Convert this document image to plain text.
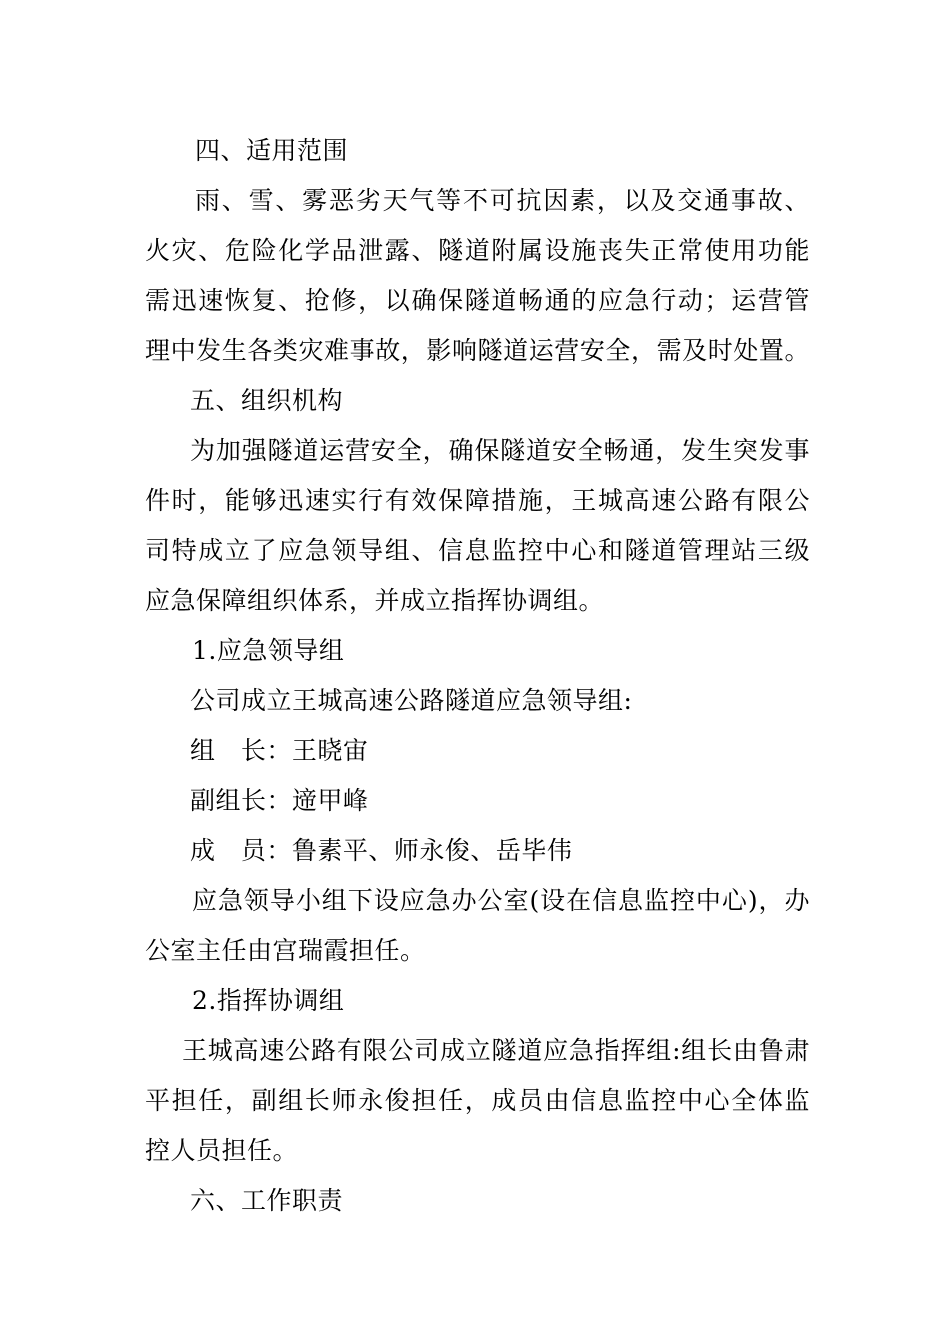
四、适用范围
雨、雪、雾恶劣天气等不可抗因素，以及交通事故、
火灾、危险化学品泄露、隧道附属设施丧失正常使用功能
需迅速恢复、抢修，以确保隧道畅通的应急行动；运营管
理中发生各类灾难事故，影响隧道运营安全，需及时处置。
五、组织机构
为加强隧道运营安全，确保隧道安全畅通，发生突发事
件时，能够迅速实行有效保障措施，王城高速公路有限公
司特成立了应急领导组、信息监控中心和隧道管理站三级
应急保障组织体系，并成立指挥协调组。
1.应急领导组
公司成立王城高速公路隧道应急领导组:
组   长：王晓宙
副组长：遆甲峰
成   员：鲁素平、师永俊、岳毕伟
应急领导小组下设应急办公室(设在信息监控中心)，办
公室主任由宫瑞霞担任。
2.指挥协调组
王城高速公路有限公司成立隧道应急指挥组:组长由鲁肃
平担任，副组长师永俊担任，成员由信息监控中心全体监
控人员担任。
六、工作职责
